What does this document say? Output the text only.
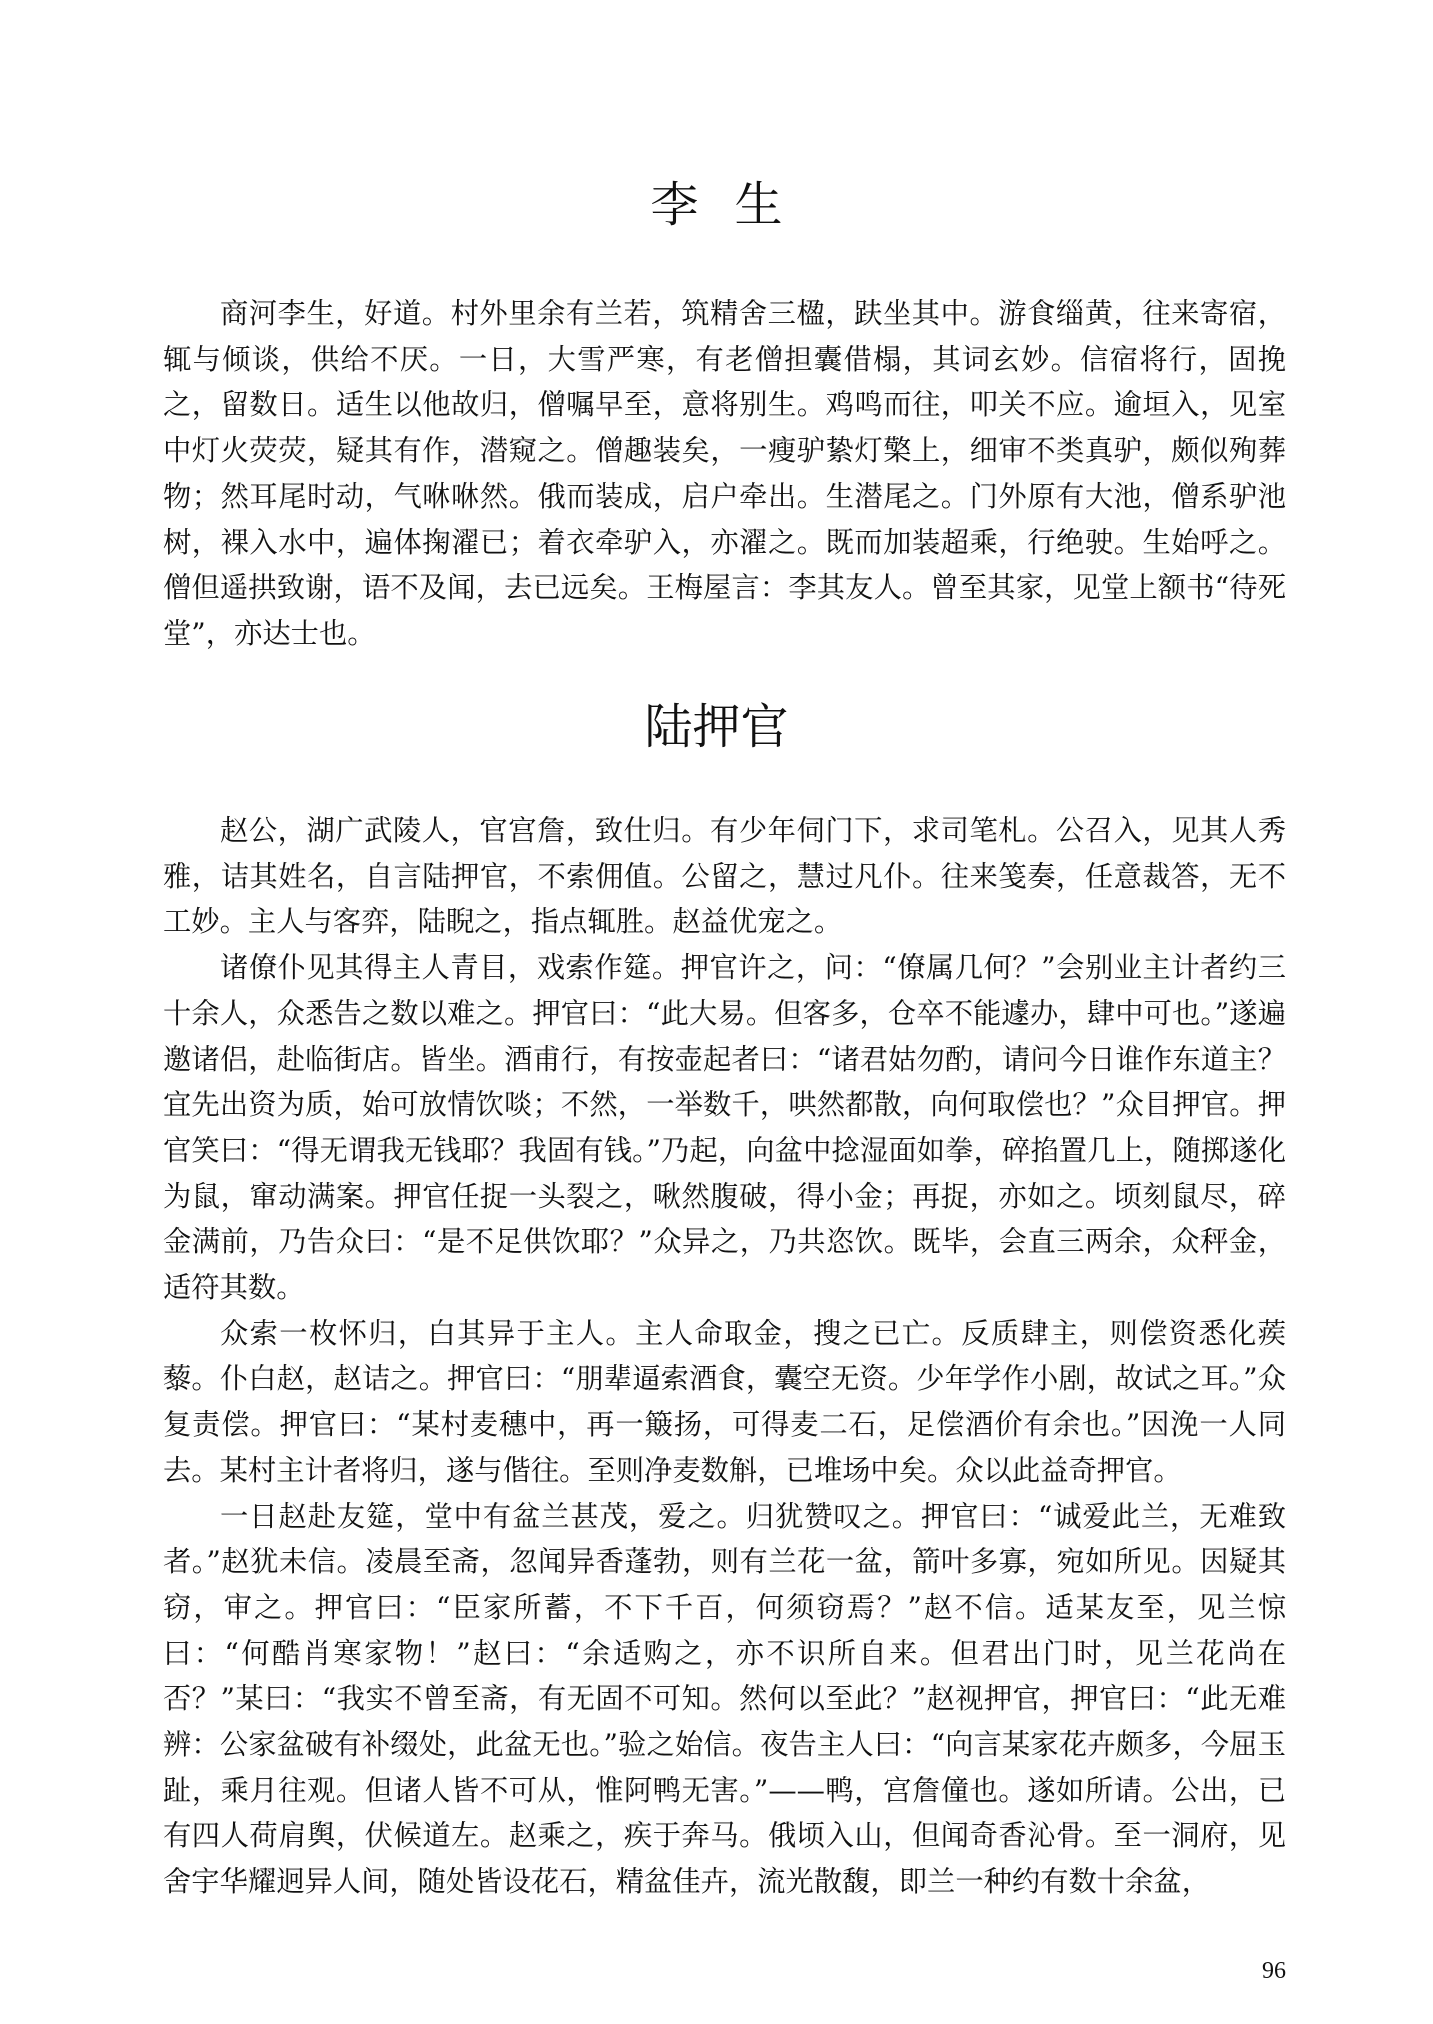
李生

商河李生，好道。村外里余有兰若，筑精舍三楹，趺坐其中。游食缁黄，往来寄宿，辄与倾谈，供给不厌。一日，大雪严寒，有老僧担囊借榻，其词玄妙。信宿将行，固挽之，留数日。适生以他故归，僧嘱早至，意将别生。鸡鸣而往，叩关不应。逾垣入，见室中灯火荧荧，疑其有作，潜窥之。僧趣装矣，一瘦驴絷灯檠上，细审不类真驴，颇似殉葬物；然耳尾时动，气咻咻然。俄而装成，启户牵出。生潜尾之。门外原有大池，僧系驴池树，裸入水中，遍体掬濯已；着衣牵驴入，亦濯之。既而加装超乘，行绝驶。生始呼之。僧但遥拱致谢，语不及闻，去已远矣。王梅屋言：李其友人。曾至其家，见堂上额书“待死堂”，亦达士也。

陆押官

赵公，湖广武陵人，官宫詹，致仕归。有少年伺门下，求司笔札。公召入，见其人秀雅，诘其姓名，自言陆押官，不索佣值。公留之，慧过凡仆。往来笺奏，任意裁答，无不工妙。主人与客弈，陆睨之，指点辄胜。赵益优宠之。

诸僚仆见其得主人青目，戏索作筵。押官许之，问：“僚属几何？”会别业主计者约三十余人，众悉告之数以难之。押官曰：“此大易。但客多，仓卒不能遽办，肆中可也。”遂遍邀诸侣，赴临街店。皆坐。酒甫行，有按壶起者曰：“诸君姑勿酌，请问今日谁作东道主？宜先出资为质，始可放情饮啖；不然，一举数千，哄然都散，向何取偿也？”众目押官。押官笑曰：“得无谓我无钱耶？我固有钱。”乃起，向盆中捻湿面如拳，碎掐置几上，随掷遂化为鼠，窜动满案。押官任捉一头裂之，啾然腹破，得小金；再捉，亦如之。顷刻鼠尽，碎金满前，乃告众曰：“是不足供饮耶？”众异之，乃共恣饮。既毕，会直三两余，众秤金，适符其数。

众索一枚怀归，白其异于主人。主人命取金，搜之已亡。反质肆主，则偿资悉化蒺藜。仆白赵，赵诘之。押官曰：“朋辈逼索酒食，囊空无资。少年学作小剧，故试之耳。”众复责偿。押官曰：“某村麦穗中，再一簸扬，可得麦二石，足偿酒价有余也。”因浼一人同去。某村主计者将归，遂与偕往。至则净麦数斛，已堆场中矣。众以此益奇押官。

一日赵赴友筵，堂中有盆兰甚茂，爱之。归犹赞叹之。押官曰：“诚爱此兰，无难致者。”赵犹未信。凌晨至斋，忽闻异香蓬勃，则有兰花一盆，箭叶多寡，宛如所见。因疑其窃，审之。押官曰：“臣家所蓄，不下千百，何须窃焉？”赵不信。适某友至，见兰惊曰：“何酷肖寒家物！”赵曰：“余适购之，亦不识所自来。但君出门时，见兰花尚在否？”某曰：“我实不曾至斋，有无固不可知。然何以至此？”赵视押官，押官曰：“此无难辨：公家盆破有补缀处，此盆无也。”验之始信。夜告主人曰：“向言某家花卉颇多，今屈玉趾，乘月往观。但诸人皆不可从，惟阿鸭无害。”——鸭，宫詹僮也。遂如所请。公出，已有四人荷肩舆，伏候道左。赵乘之，疾于奔马。俄顷入山，但闻奇香沁骨。至一洞府，见舍宇华耀迥异人间，随处皆设花石，精盆佳卉，流光散馥，即兰一种约有数十余盆，

96
